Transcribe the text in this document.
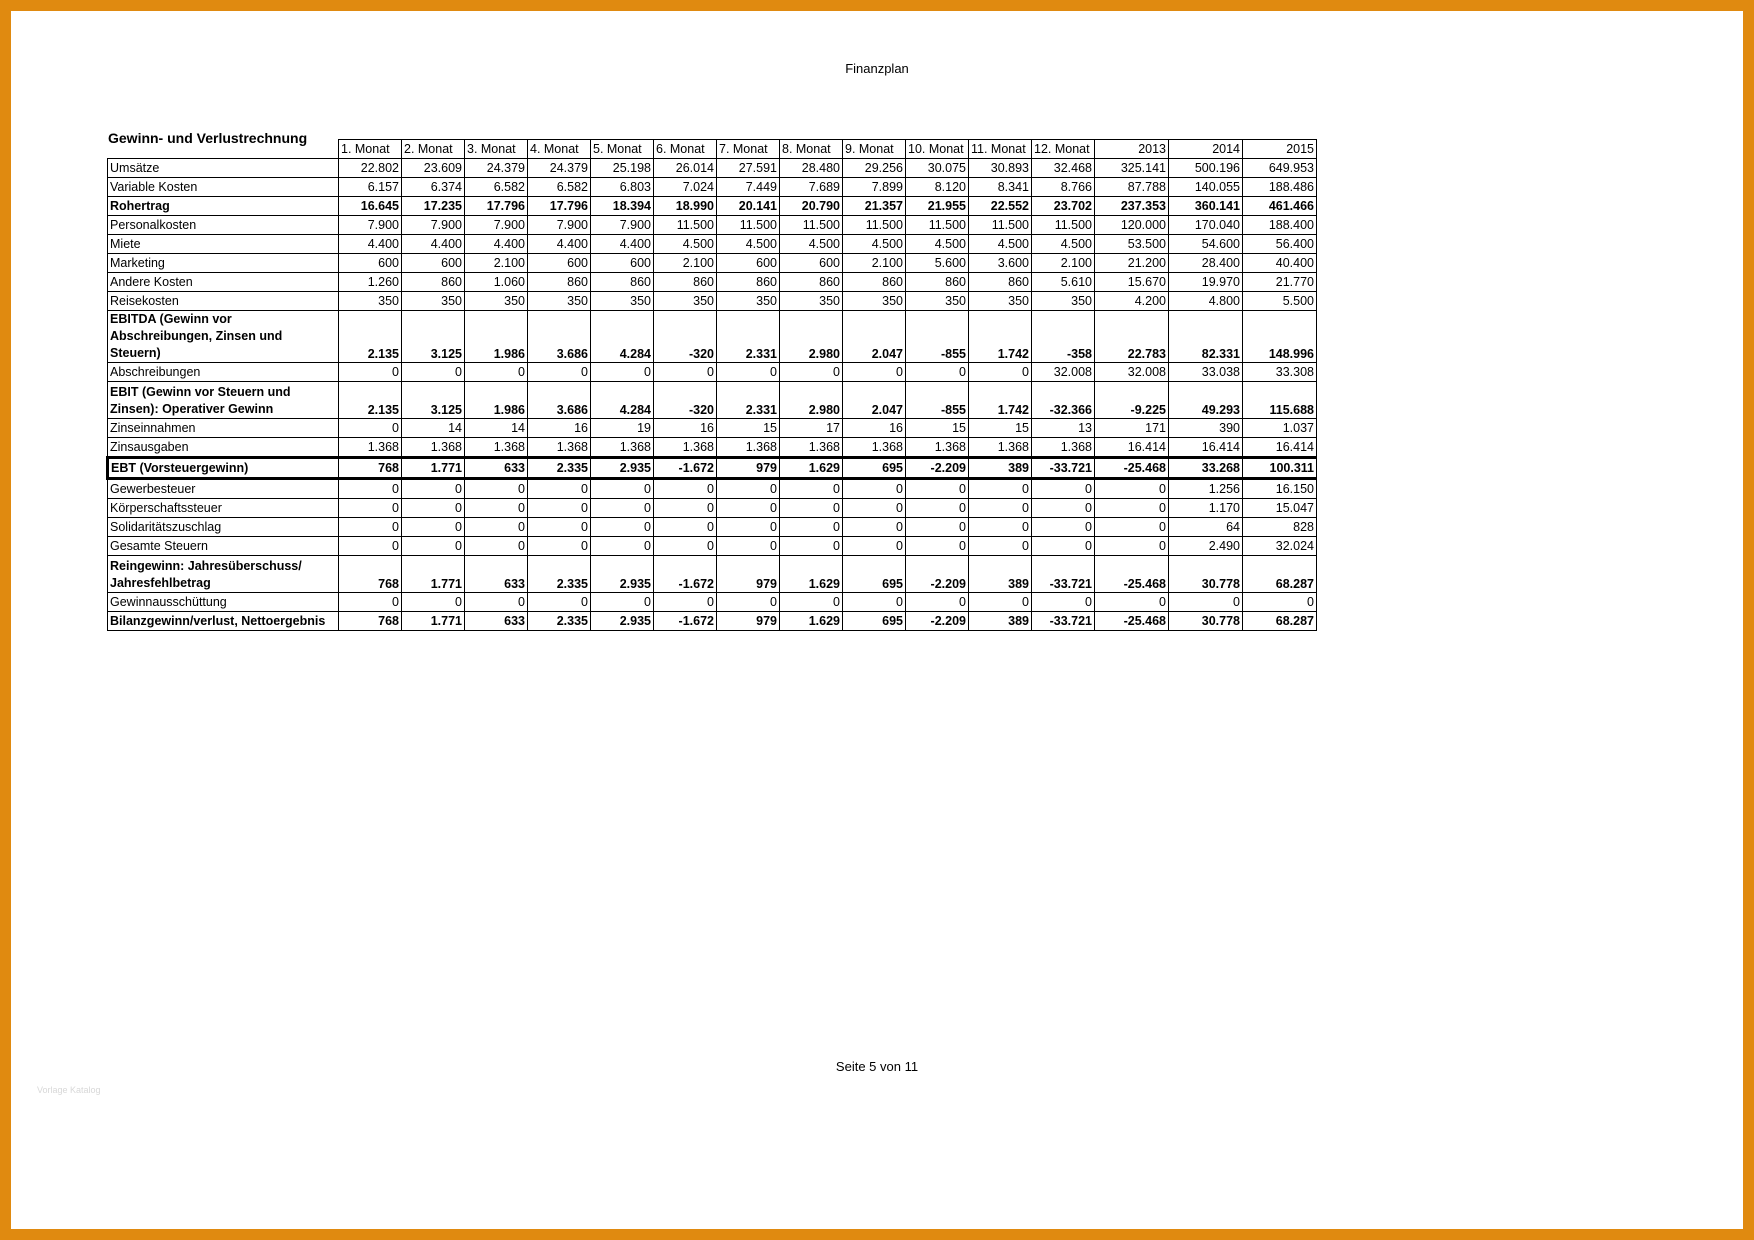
Finanzplan
Gewinn- und Verlustrechnung
	1. Monat	2. Monat	3. Monat	4. Monat	5. Monat	6. Monat	7. Monat	8. Monat	9. Monat	10. Monat	11. Monat	12. Monat	2013	2014	2015
Umsätze	22.802	23.609	24.379	24.379	25.198	26.014	27.591	28.480	29.256	30.075	30.893	32.468	325.141	500.196	649.953
Variable Kosten	6.157	6.374	6.582	6.582	6.803	7.024	7.449	7.689	7.899	8.120	8.341	8.766	87.788	140.055	188.486
Rohertrag	16.645	17.235	17.796	17.796	18.394	18.990	20.141	20.790	21.357	21.955	22.552	23.702	237.353	360.141	461.466
Personalkosten	7.900	7.900	7.900	7.900	7.900	11.500	11.500	11.500	11.500	11.500	11.500	11.500	120.000	170.040	188.400
Miete	4.400	4.400	4.400	4.400	4.400	4.500	4.500	4.500	4.500	4.500	4.500	4.500	53.500	54.600	56.400
Marketing	600	600	2.100	600	600	2.100	600	600	2.100	5.600	3.600	2.100	21.200	28.400	40.400
Andere Kosten	1.260	860	1.060	860	860	860	860	860	860	860	860	5.610	15.670	19.970	21.770
Reisekosten	350	350	350	350	350	350	350	350	350	350	350	350	4.200	4.800	5.500
EBITDA (Gewinn vor Abschreibungen, Zinsen und Steuern)	2.135	3.125	1.986	3.686	4.284	-320	2.331	2.980	2.047	-855	1.742	-358	22.783	82.331	148.996
Abschreibungen	0	0	0	0	0	0	0	0	0	0	0	32.008	32.008	33.038	33.308
EBIT (Gewinn vor Steuern und Zinsen): Operativer Gewinn	2.135	3.125	1.986	3.686	4.284	-320	2.331	2.980	2.047	-855	1.742	-32.366	-9.225	49.293	115.688
Zinseinnahmen	0	14	14	16	19	16	15	17	16	15	15	13	171	390	1.037
Zinsausgaben	1.368	1.368	1.368	1.368	1.368	1.368	1.368	1.368	1.368	1.368	1.368	1.368	16.414	16.414	16.414
EBT (Vorsteuergewinn)	768	1.771	633	2.335	2.935	-1.672	979	1.629	695	-2.209	389	-33.721	-25.468	33.268	100.311
Gewerbesteuer	0	0	0	0	0	0	0	0	0	0	0	0	0	1.256	16.150
Körperschaftssteuer	0	0	0	0	0	0	0	0	0	0	0	0	0	1.170	15.047
Solidaritätszuschlag	0	0	0	0	0	0	0	0	0	0	0	0	0	64	828
Gesamte Steuern	0	0	0	0	0	0	0	0	0	0	0	0	0	2.490	32.024
Reingewinn: Jahresüberschuss/ Jahresfehlbetrag	768	1.771	633	2.335	2.935	-1.672	979	1.629	695	-2.209	389	-33.721	-25.468	30.778	68.287
Gewinnausschüttung	0	0	0	0	0	0	0	0	0	0	0	0	0	0	0
Bilanzgewinn/verlust, Nettoergebnis	768	1.771	633	2.335	2.935	-1.672	979	1.629	695	-2.209	389	-33.721	-25.468	30.778	68.287
Seite 5 von 11
Vorlage Katalog
